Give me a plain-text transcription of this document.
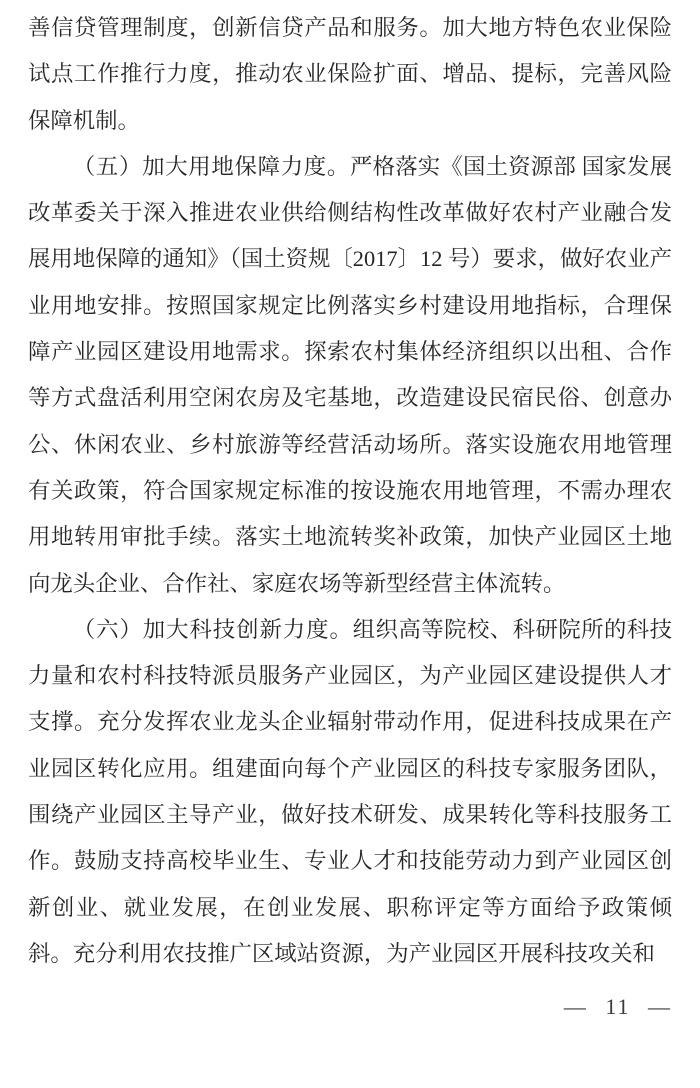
善信贷管理制度，创新信贷产品和服务。加大地方特色农业保险试点工作推行力度，推动农业保险扩面、增品、提标，完善风险保障机制。

（五）加大用地保障力度。严格落实《国土资源部 国家发展改革委关于深入推进农业供给侧结构性改革做好农村产业融合发展用地保障的通知》（国土资规〔2017〕12 号）要求，做好农业产业用地安排。按照国家规定比例落实乡村建设用地指标，合理保障产业园区建设用地需求。探索农村集体经济组织以出租、合作等方式盘活利用空闲农房及宅基地，改造建设民宿民俗、创意办公、休闲农业、乡村旅游等经营活动场所。落实设施农用地管理有关政策，符合国家规定标准的按设施农用地管理，不需办理农用地转用审批手续。落实土地流转奖补政策，加快产业园区土地向龙头企业、合作社、家庭农场等新型经营主体流转。

（六）加大科技创新力度。组织高等院校、科研院所的科技力量和农村科技特派员服务产业园区，为产业园区建设提供人才支撑。充分发挥农业龙头企业辐射带动作用，促进科技成果在产业园区转化应用。组建面向每个产业园区的科技专家服务团队，围绕产业园区主导产业，做好技术研发、成果转化等科技服务工作。鼓励支持高校毕业生、专业人才和技能劳动力到产业园区创新创业、就业发展，在创业发展、职称评定等方面给予政策倾斜。充分利用农技推广区域站资源，为产业园区开展科技攻关和

— 11 —
